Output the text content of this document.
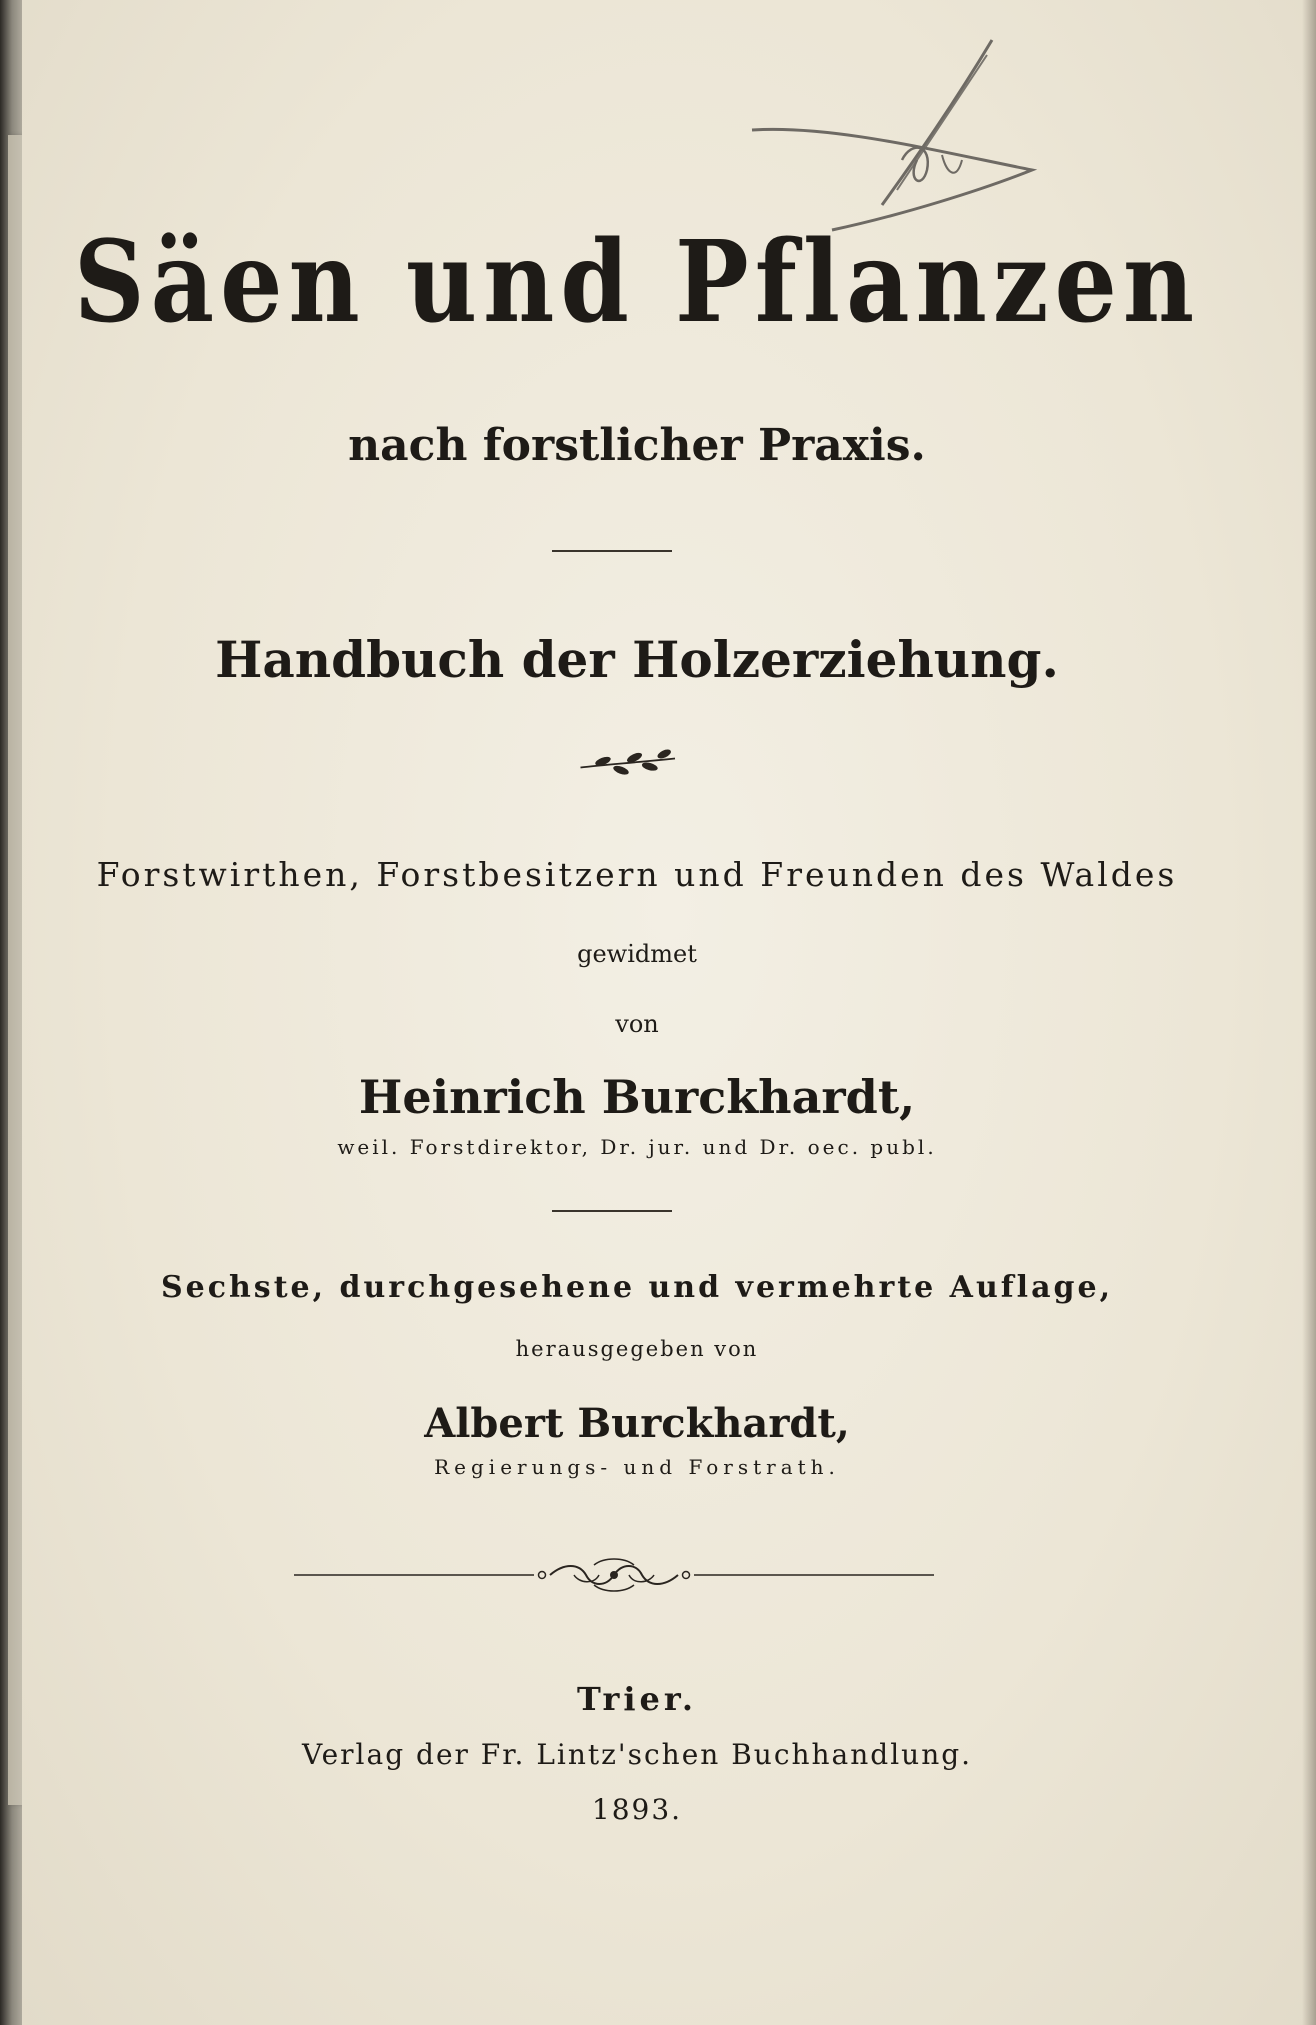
Säen und Pflanzen
nach forstlicher Praxis.
Handbuch der Holzerziehung.
Forstwirthen, Forstbesitzern und Freunden des Waldes
gewidmet
von
Heinrich Burckhardt,
weil. Forstdirektor, Dr. jur. und Dr. oec. publ.
Sechste, durchgesehene und vermehrte Auflage,
herausgegeben von
Albert Burckhardt,
Regierungs- und Forstrath.
Trier.
Verlag der Fr. Lintz'schen Buchhandlung.
1893.
